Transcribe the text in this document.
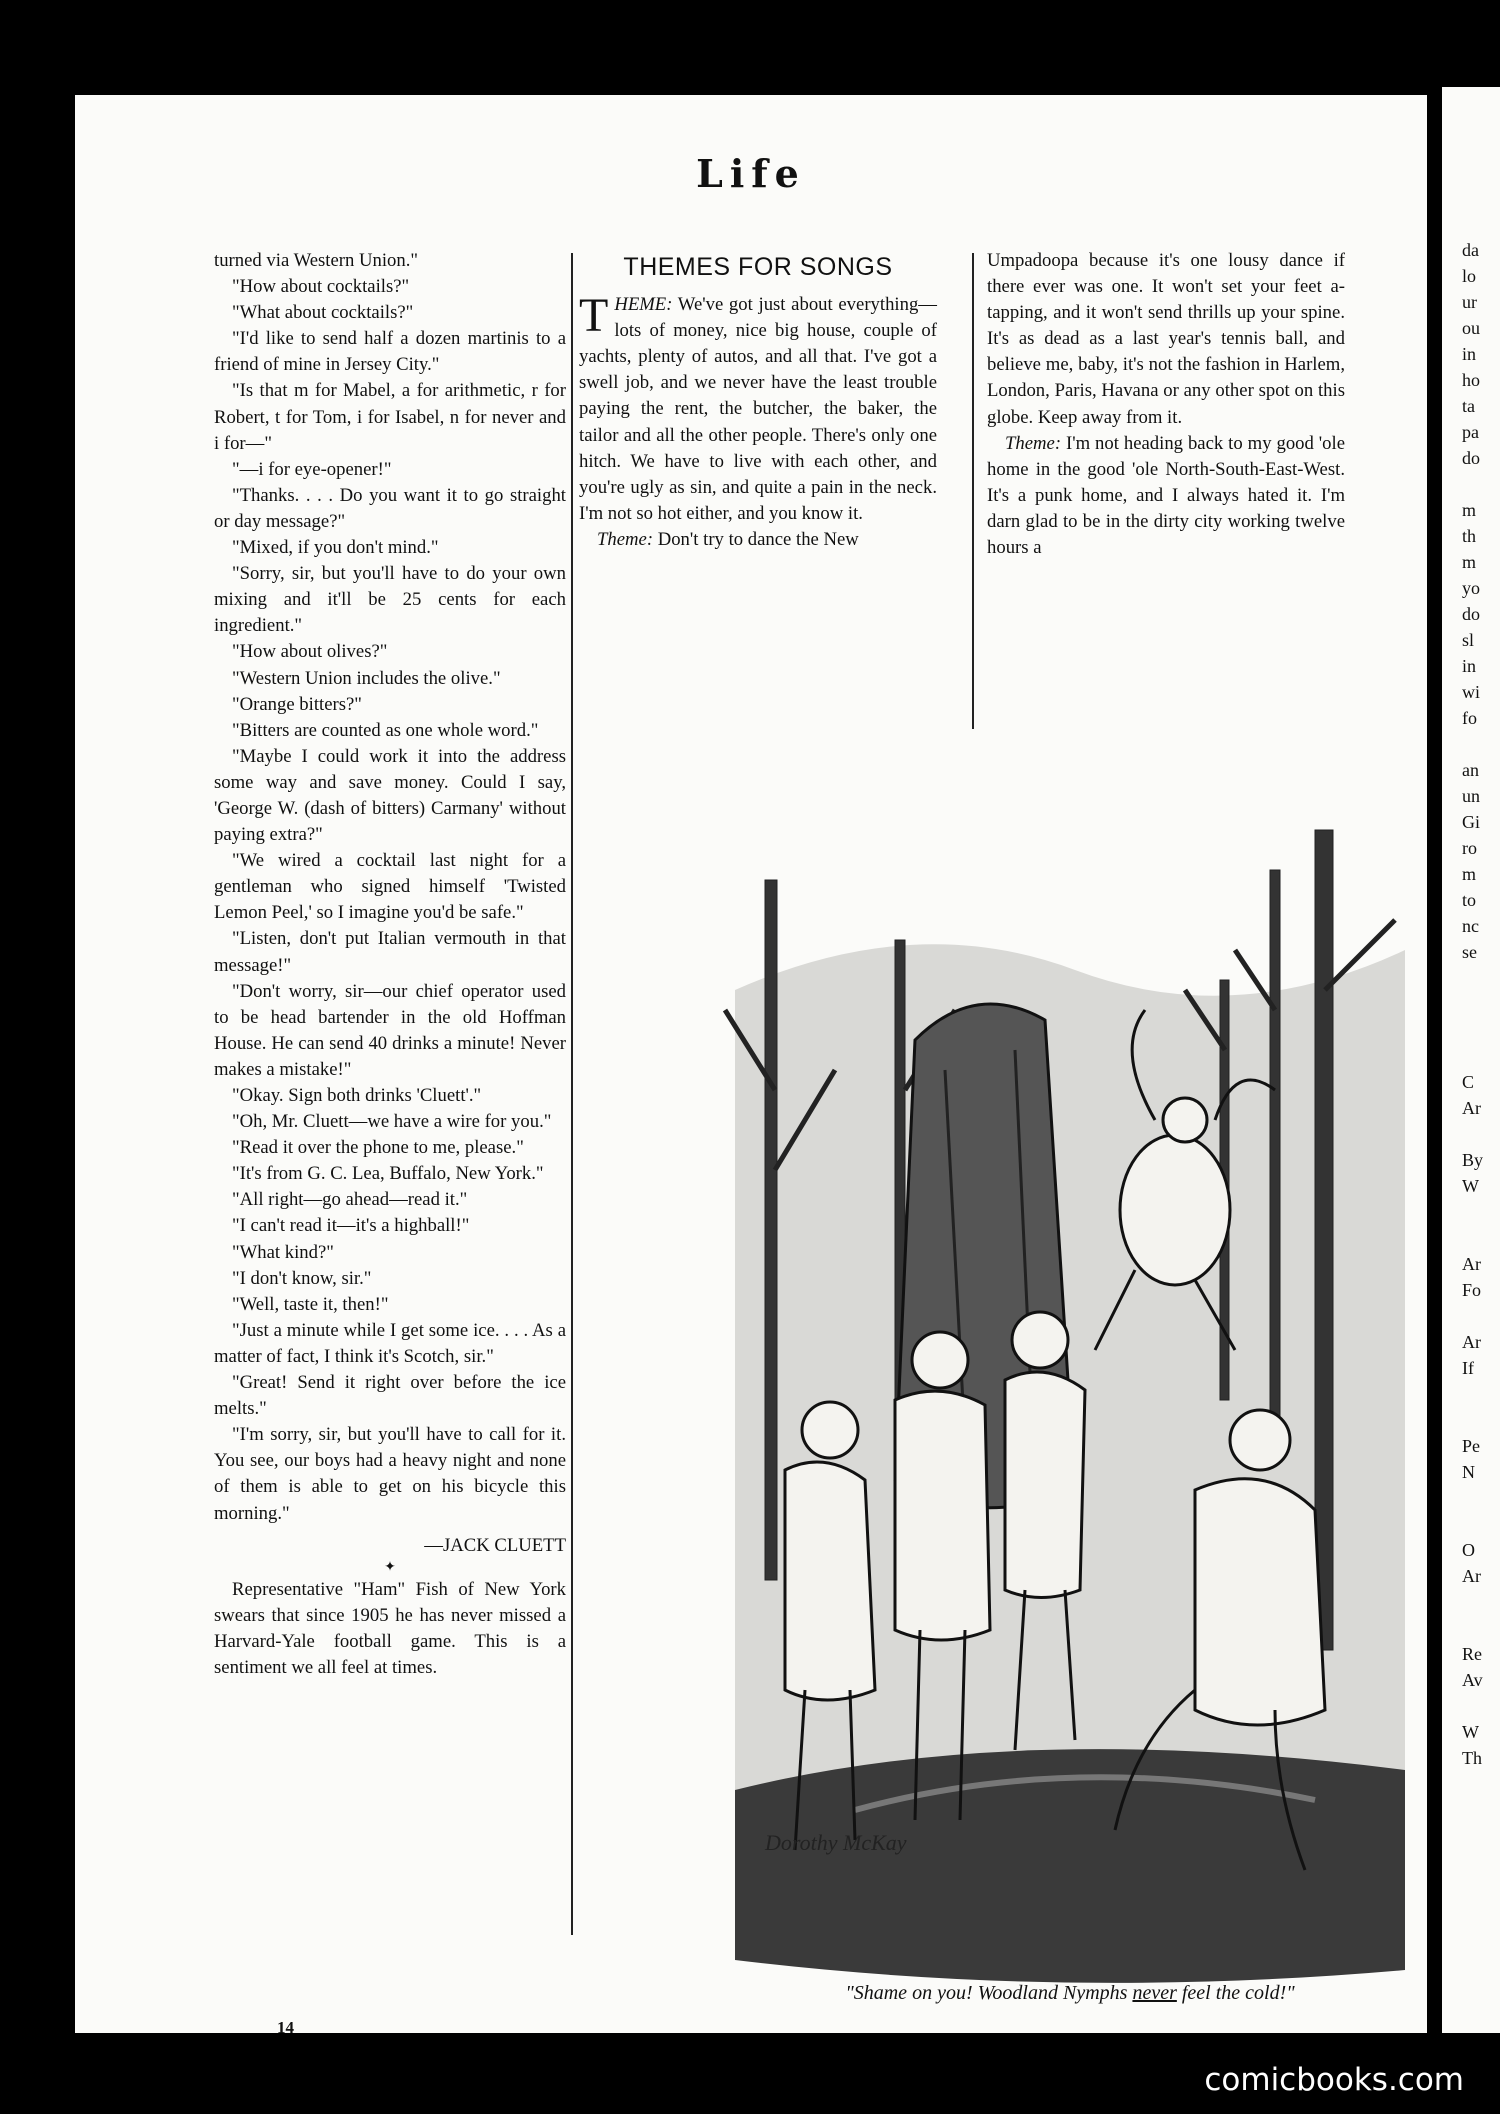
Life

turned via Western Union."

"How about cocktails?"

"What about cocktails?"

"I'd like to send half a dozen martinis to a friend of mine in Jersey City."

"Is that m for Mabel, a for arithmetic, r for Robert, t for Tom, i for Isabel, n for never and i for—"

"—i for eye-opener!"

"Thanks. . . . Do you want it to go straight or day message?"

"Mixed, if you don't mind."

"Sorry, sir, but you'll have to do your own mixing and it'll be 25 cents for each ingredient."

"How about olives?"

"Western Union includes the olive."

"Orange bitters?"

"Bitters are counted as one whole word."

"Maybe I could work it into the address some way and save money. Could I say, 'George W. (dash of bitters) Carmany' without paying extra?"

"We wired a cocktail last night for a gentleman who signed himself 'Twisted Lemon Peel,' so I imagine you'd be safe."

"Listen, don't put Italian vermouth in that message!"

"Don't worry, sir—our chief operator used to be head bartender in the old Hoffman House. He can send 40 drinks a minute! Never makes a mistake!"

"Okay. Sign both drinks 'Cluett'."

"Oh, Mr. Cluett—we have a wire for you."

"Read it over the phone to me, please."

"It's from G. C. Lea, Buffalo, New York."

"All right—go ahead—read it."

"I can't read it—it's a highball!"

"What kind?"

"I don't know, sir."

"Well, taste it, then!"

"Just a minute while I get some ice. . . . As a matter of fact, I think it's Scotch, sir."

"Great! Send it right over before the ice melts."

"I'm sorry, sir, but you'll have to call for it. You see, our boys had a heavy night and none of them is able to get on his bicycle this morning."

—JACK CLUETT
✦

Representative "Ham" Fish of New York swears that since 1905 he has never missed a Harvard-Yale football game. This is a sentiment we all feel at times.

THEMES FOR SONGS

THEME: We've got just about everything—lots of money, nice big house, couple of yachts, plenty of autos, and all that. I've got a swell job, and we never have the least trouble paying the rent, the butcher, the baker, the tailor and all the other people. There's only one hitch. We have to live with each other, and you're ugly as sin, and quite a pain in the neck. I'm not so hot either, and you know it.

Theme: Don't try to dance the New

Umpadoopa because it's one lousy dance if there ever was one. It won't set your feet a-tapping, and it won't send thrills up your spine. It's as dead as a last year's tennis ball, and believe me, baby, it's not the fashion in Harlem, London, Paris, Havana or any other spot on this globe. Keep away from it.

Theme: I'm not heading back to my good 'ole home in the good 'ole North-South-East-West. It's a punk home, and I always hated it. I'm darn glad to be in the dirty city working twelve hours a

Dorothy McKay
"Shame on you! Woodland Nymphs never feel the cold!"
14
da
lo
ur
ou
in
ho
ta
pa
do

m
th
m
yo
do
sl
in
wi
fo

an
un
Gi
ro
m
to
nc
se

C
Ar

By
W

Ar
Fo

Ar
If

Pe
N

O
Ar

Re
Av

W
Th
comicbooks.com
